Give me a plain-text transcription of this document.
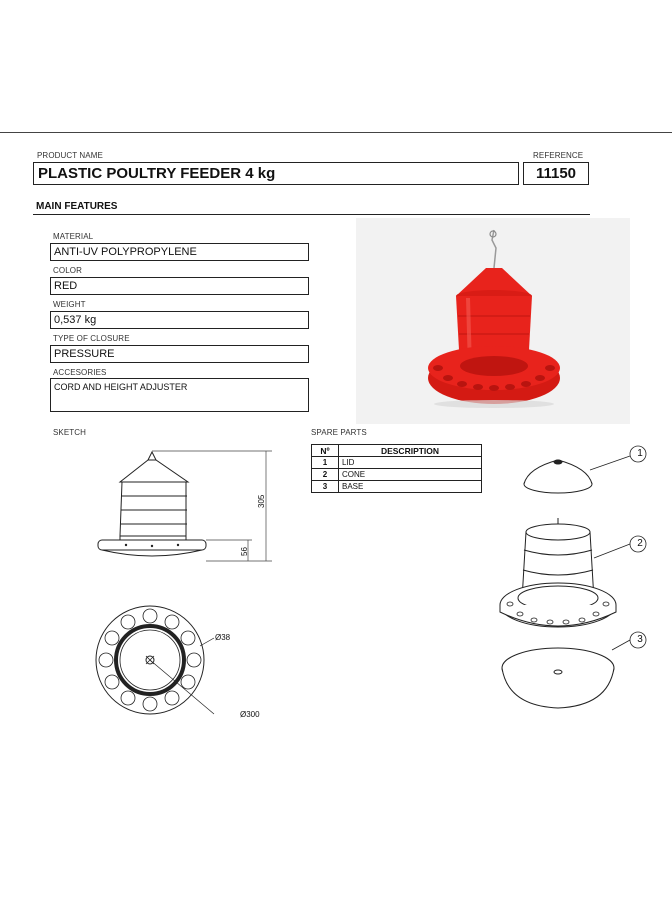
PRODUCT NAME	REFERENCE
PLASTIC POULTRY FEEDER 4 kg	11150
MAIN FEATURES
MATERIAL
ANTI-UV POLYPROPYLENE
COLOR
RED
WEIGHT
0,537 kg
TYPE OF CLOSURE
PRESSURE
ACCESORIES
CORD AND HEIGHT ADJUSTER
SKETCH
305
56
Ø38
Ø300
SPARE PARTS
Nº	DESCRIPTION
1	LID
2	CONE
3	BASE
1
2
3
